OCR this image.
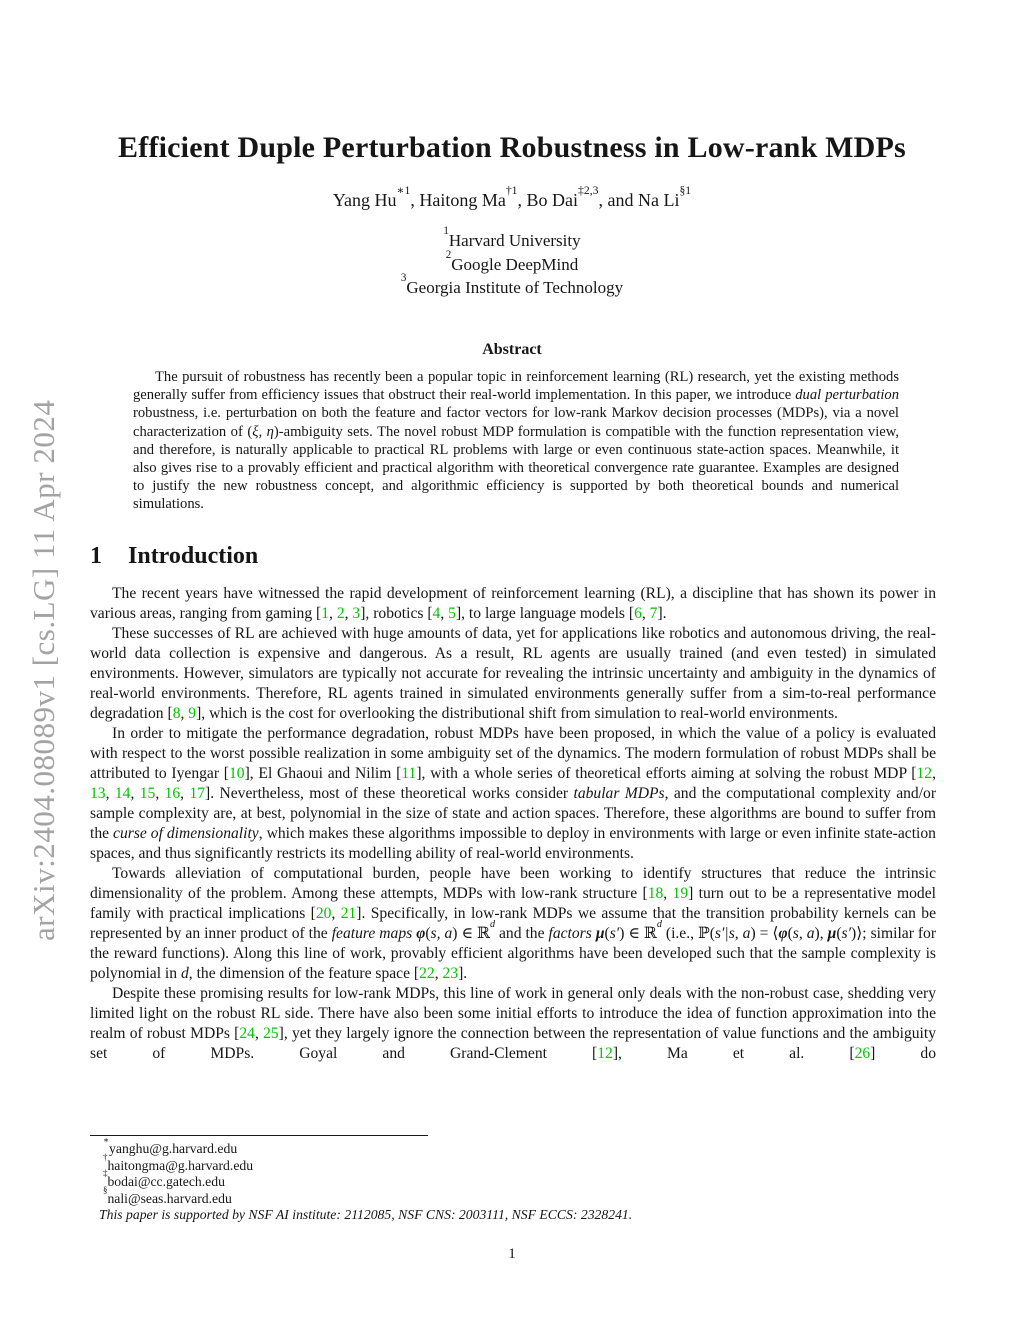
arXiv:2404.08089v1 [cs.LG] 11 Apr 2024
Efficient Duple Perturbation Robustness in Low-rank MDPs
Yang $Hu^{∗1}$, Haitong Ma$^{\dagger 1}$, Bo Dai$^{\ddagger 2,3}$, and Na Li$^{\S 1}$
$^1$Harvard University
$^2$Google DeepMind
$^3$Georgia Institute of Technology
Abstract
The pursuit of robustness has recently been a popular topic in reinforcement learning (RL) research, yet the existing methods generally suffer from efficiency issues that obstruct their real-world implementation. In this paper, we introduce dual perturbation robustness, i.e. perturbation on both the feature and factor vectors for low-rank Markov decision processes (MDPs), via a novel characterization of (ξ, η)-ambiguity sets. The novel robust MDP formulation is compatible with the function representation view, and therefore, is naturally applicable to practical RL problems with large or even continuous state-action spaces. Meanwhile, it also gives rise to a provably efficient and practical algorithm with theoretical convergence rate guarantee. Examples are designed to justify the new robustness concept, and algorithmic efficiency is supported by both theoretical bounds and numerical simulations.
1 Introduction

The recent years have witnessed the rapid development of reinforcement learning (RL), a discipline that has shown its power in various areas, ranging from gaming [1, 2, 3], robotics [4, 5], to large language models [6, 7].

These successes of RL are achieved with huge amounts of data, yet for applications like robotics and autonomous driving, the real-world data collection is expensive and dangerous. As a result, RL agents are usually trained (and even tested) in simulated environments. However, simulators are typically not accurate for revealing the intrinsic uncertainty and ambiguity in the dynamics of real-world environments. Therefore, RL agents trained in simulated environments generally suffer from a sim-to-real performance degradation [8, 9], which is the cost for overlooking the distributional shift from simulation to real-world environments.

In order to mitigate the performance degradation, robust MDPs have been proposed, in which the value of a policy is evaluated with respect to the worst possible realization in some ambiguity set of the dynamics. The modern formulation of robust MDPs shall be attributed to Iyengar [10], El Ghaoui and Nilim [11], with a whole series of theoretical efforts aiming at solving the robust MDP [12, 13, 14, 15, 16, 17]. Nevertheless, most of these theoretical works consider tabular MDPs, and the computational complexity and/or sample complexity are, at best, polynomial in the size of state and action spaces. Therefore, these algorithms are bound to suffer from the curse of dimensionality, which makes these algorithms impossible to deploy in environments with large or even infinite state-action spaces, and thus significantly restricts its modelling ability of real-world environments.

Towards alleviation of computational burden, people have been working to identify structures that reduce the intrinsic dimensionality of the problem. Among these attempts, MDPs with low-rank structure [18, 19] turn out to be a representative model family with practical implications [20, 21]. Specifically, in low-rank MDPs we assume that the transition probability kernels can be represented by an inner product of the feature maps φ(s, a) ∈ ℝ$^d$ and the factors μ(s′) ∈ ℝ$^d$ (i.e., ℙ(s′|s, a) = ⟨φ(s, a), μ(s′)⟩; similar for the reward functions). Along this line of work, provably efficient algorithms have been developed such that the sample complexity is polynomial in d, the dimension of the feature space [22, 23].

Despite these promising results for low-rank MDPs, this line of work in general only deals with the non-robust case, shedding very limited light on the robust RL side. There have also been some initial efforts to introduce the idea of function approximation into the realm of robust MDPs [24, 25], yet they largely ignore the connection between the representation of value functions and the ambiguity set of MDPs. Goyal and Grand-Clement [12], Ma et al. [26] do

∗yanghu@g.harvard.edu
†haitongma@g.harvard.edu
‡bodai@cc.gatech.edu
§nali@seas.harvard.edu
This paper is supported by NSF AI institute: 2112085, NSF CNS: 2003111, NSF ECCS: 2328241.
1
